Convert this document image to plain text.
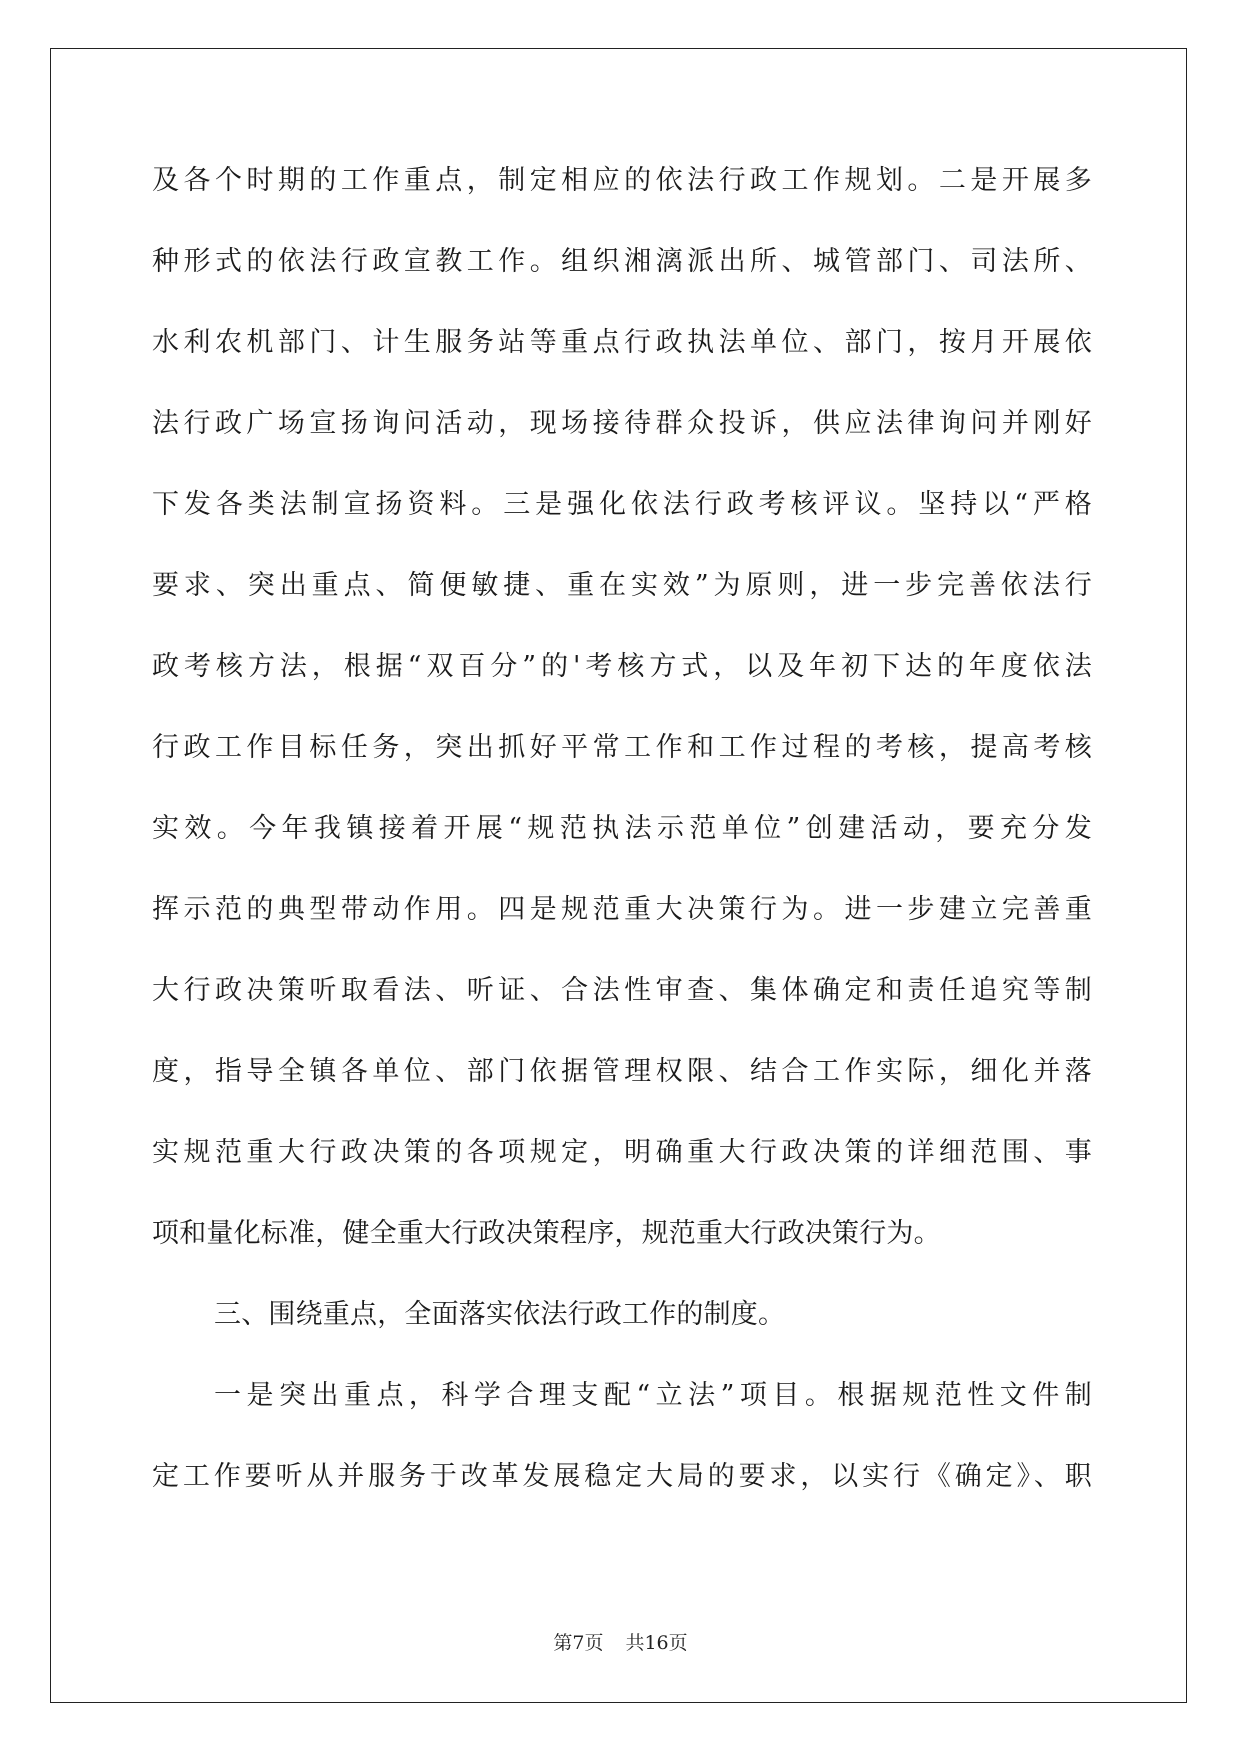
及各个时期的工作重点，制定相应的依法行政工作规划。二是开展多
种形式的依法行政宣教工作。组织湘漓派出所、城管部门、司法所、
水利农机部门、计生服务站等重点行政执法单位、部门，按月开展依
法行政广场宣扬询问活动，现场接待群众投诉，供应法律询问并刚好
下发各类法制宣扬资料。三是强化依法行政考核评议。坚持以“严格
要求、突出重点、简便敏捷、重在实效”为原则，进一步完善依法行
政考核方法，根据“双百分”的'考核方式，以及年初下达的年度依法
行政工作目标任务，突出抓好平常工作和工作过程的考核，提高考核
实效。今年我镇接着开展“规范执法示范单位”创建活动，要充分发
挥示范的典型带动作用。四是规范重大决策行为。进一步建立完善重
大行政决策听取看法、听证、合法性审查、集体确定和责任追究等制
度，指导全镇各单位、部门依据管理权限、结合工作实际，细化并落
实规范重大行政决策的各项规定，明确重大行政决策的详细范围、事
项和量化标准，健全重大行政决策程序，规范重大行政决策行为。
三、围绕重点，全面落实依法行政工作的制度。
一是突出重点，科学合理支配“立法”项目。根据规范性文件制
定工作要听从并服务于改革发展稳定大局的要求，以实行《确定》、职
第7页 共16页
